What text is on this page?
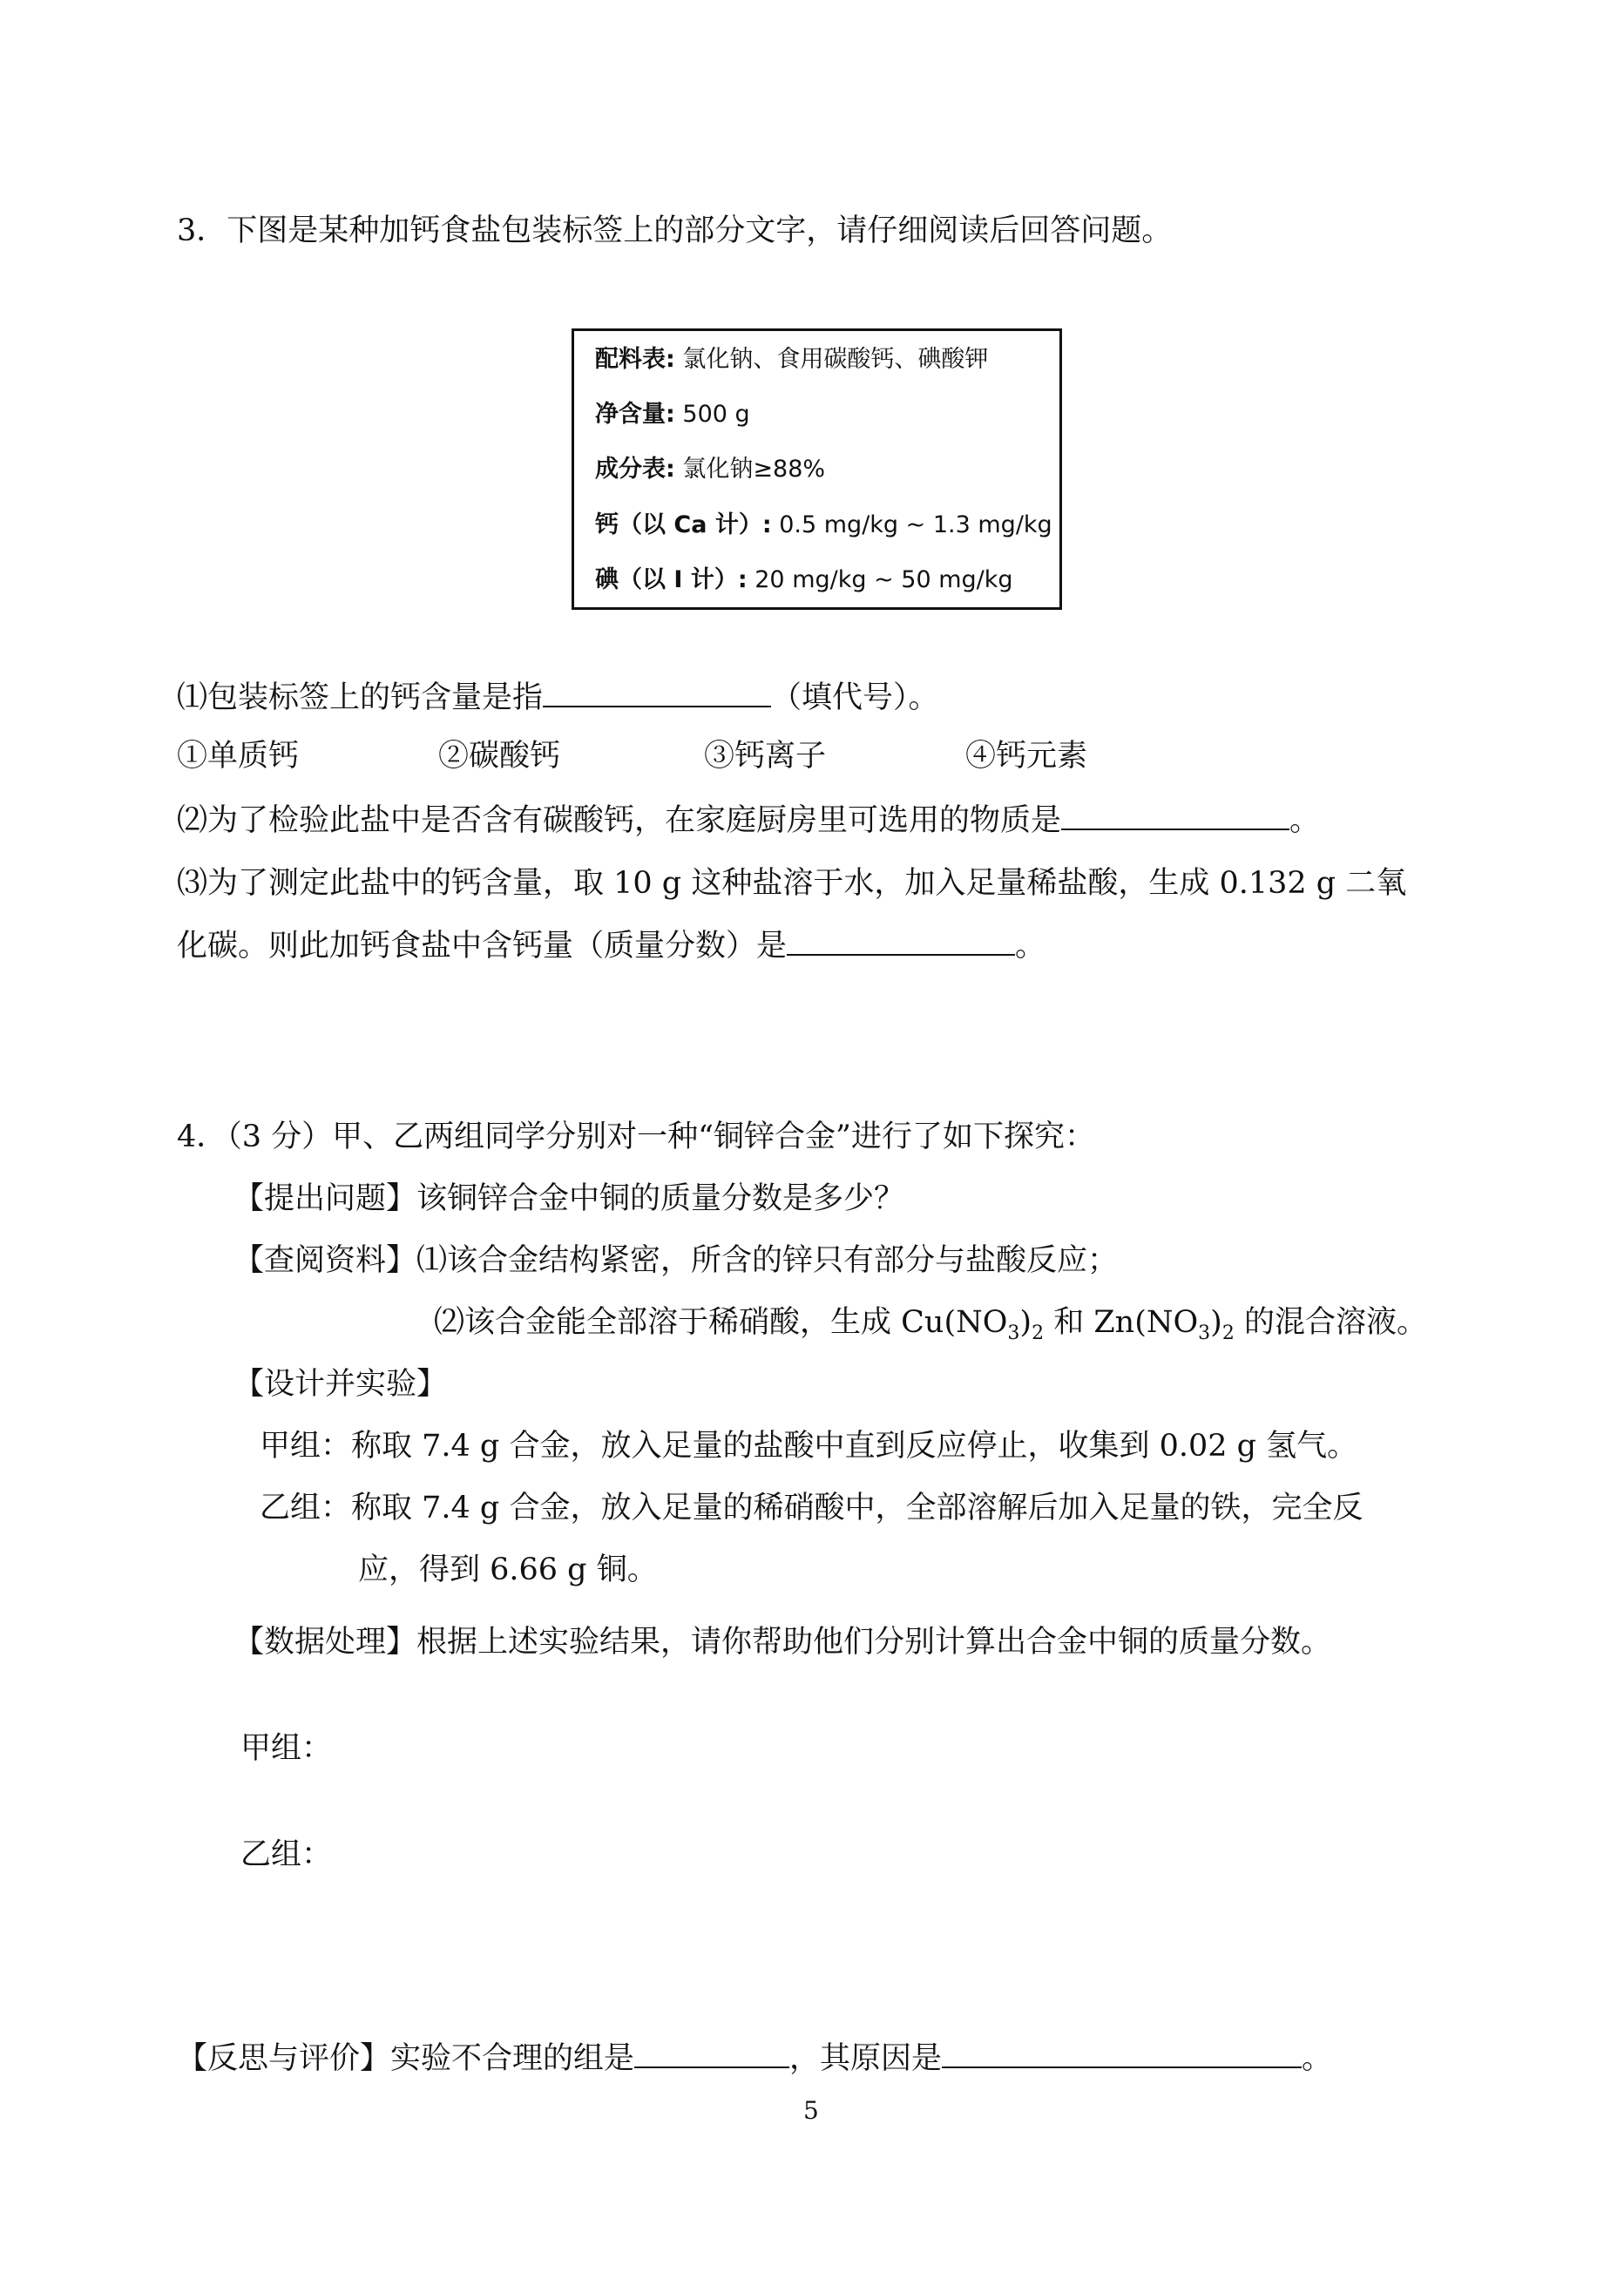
3．下图是某种加钙食盐包装标签上的部分文字，请仔细阅读后回答问题。
配料表: 氯化钠、食用碳酸钙、碘酸钾
净含量: 500 g
成分表: 氯化钠≥88%
钙（以 Ca 计）: 0.5 mg/kg ~ 1.3 mg/kg
碘（以 I 计）: 20 mg/kg ~ 50 mg/kg
⑴包装标签上的钙含量是指	（填代号）。
①单质钙	②碳酸钙	③钙离子	④钙元素
⑵为了检验此盐中是否含有碳酸钙，在家庭厨房里可选用的物质是	。
⑶为了测定此盐中的钙含量，取 10 g 这种盐溶于水，加入足量稀盐酸，生成 0.132 g 二氧
化碳。则此加钙食盐中含钙量（质量分数）是	。
4．（3 分）甲、乙两组同学分别对一种“铜锌合金”进行了如下探究：
【提出问题】该铜锌合金中铜的质量分数是多少？
【查阅资料】⑴该合金结构紧密，所含的锌只有部分与盐酸反应；
⑵该合金能全部溶于稀硝酸，生成 $Cu(NO_3)_2$ 和 $Zn(NO_3)_2$ 的混合溶液。
【设计并实验】
甲组：称取 7.4 g 合金，放入足量的盐酸中直到反应停止，收集到 0.02 g 氢气。
乙组：称取 7.4 g 合金，放入足量的稀硝酸中，全部溶解后加入足量的铁，完全反
应，得到 6.66 g 铜。
【数据处理】根据上述实验结果，请你帮助他们分别计算出合金中铜的质量分数。
甲组：
乙组：
【反思与评价】实验不合理的组是	，其原因是	。
5
